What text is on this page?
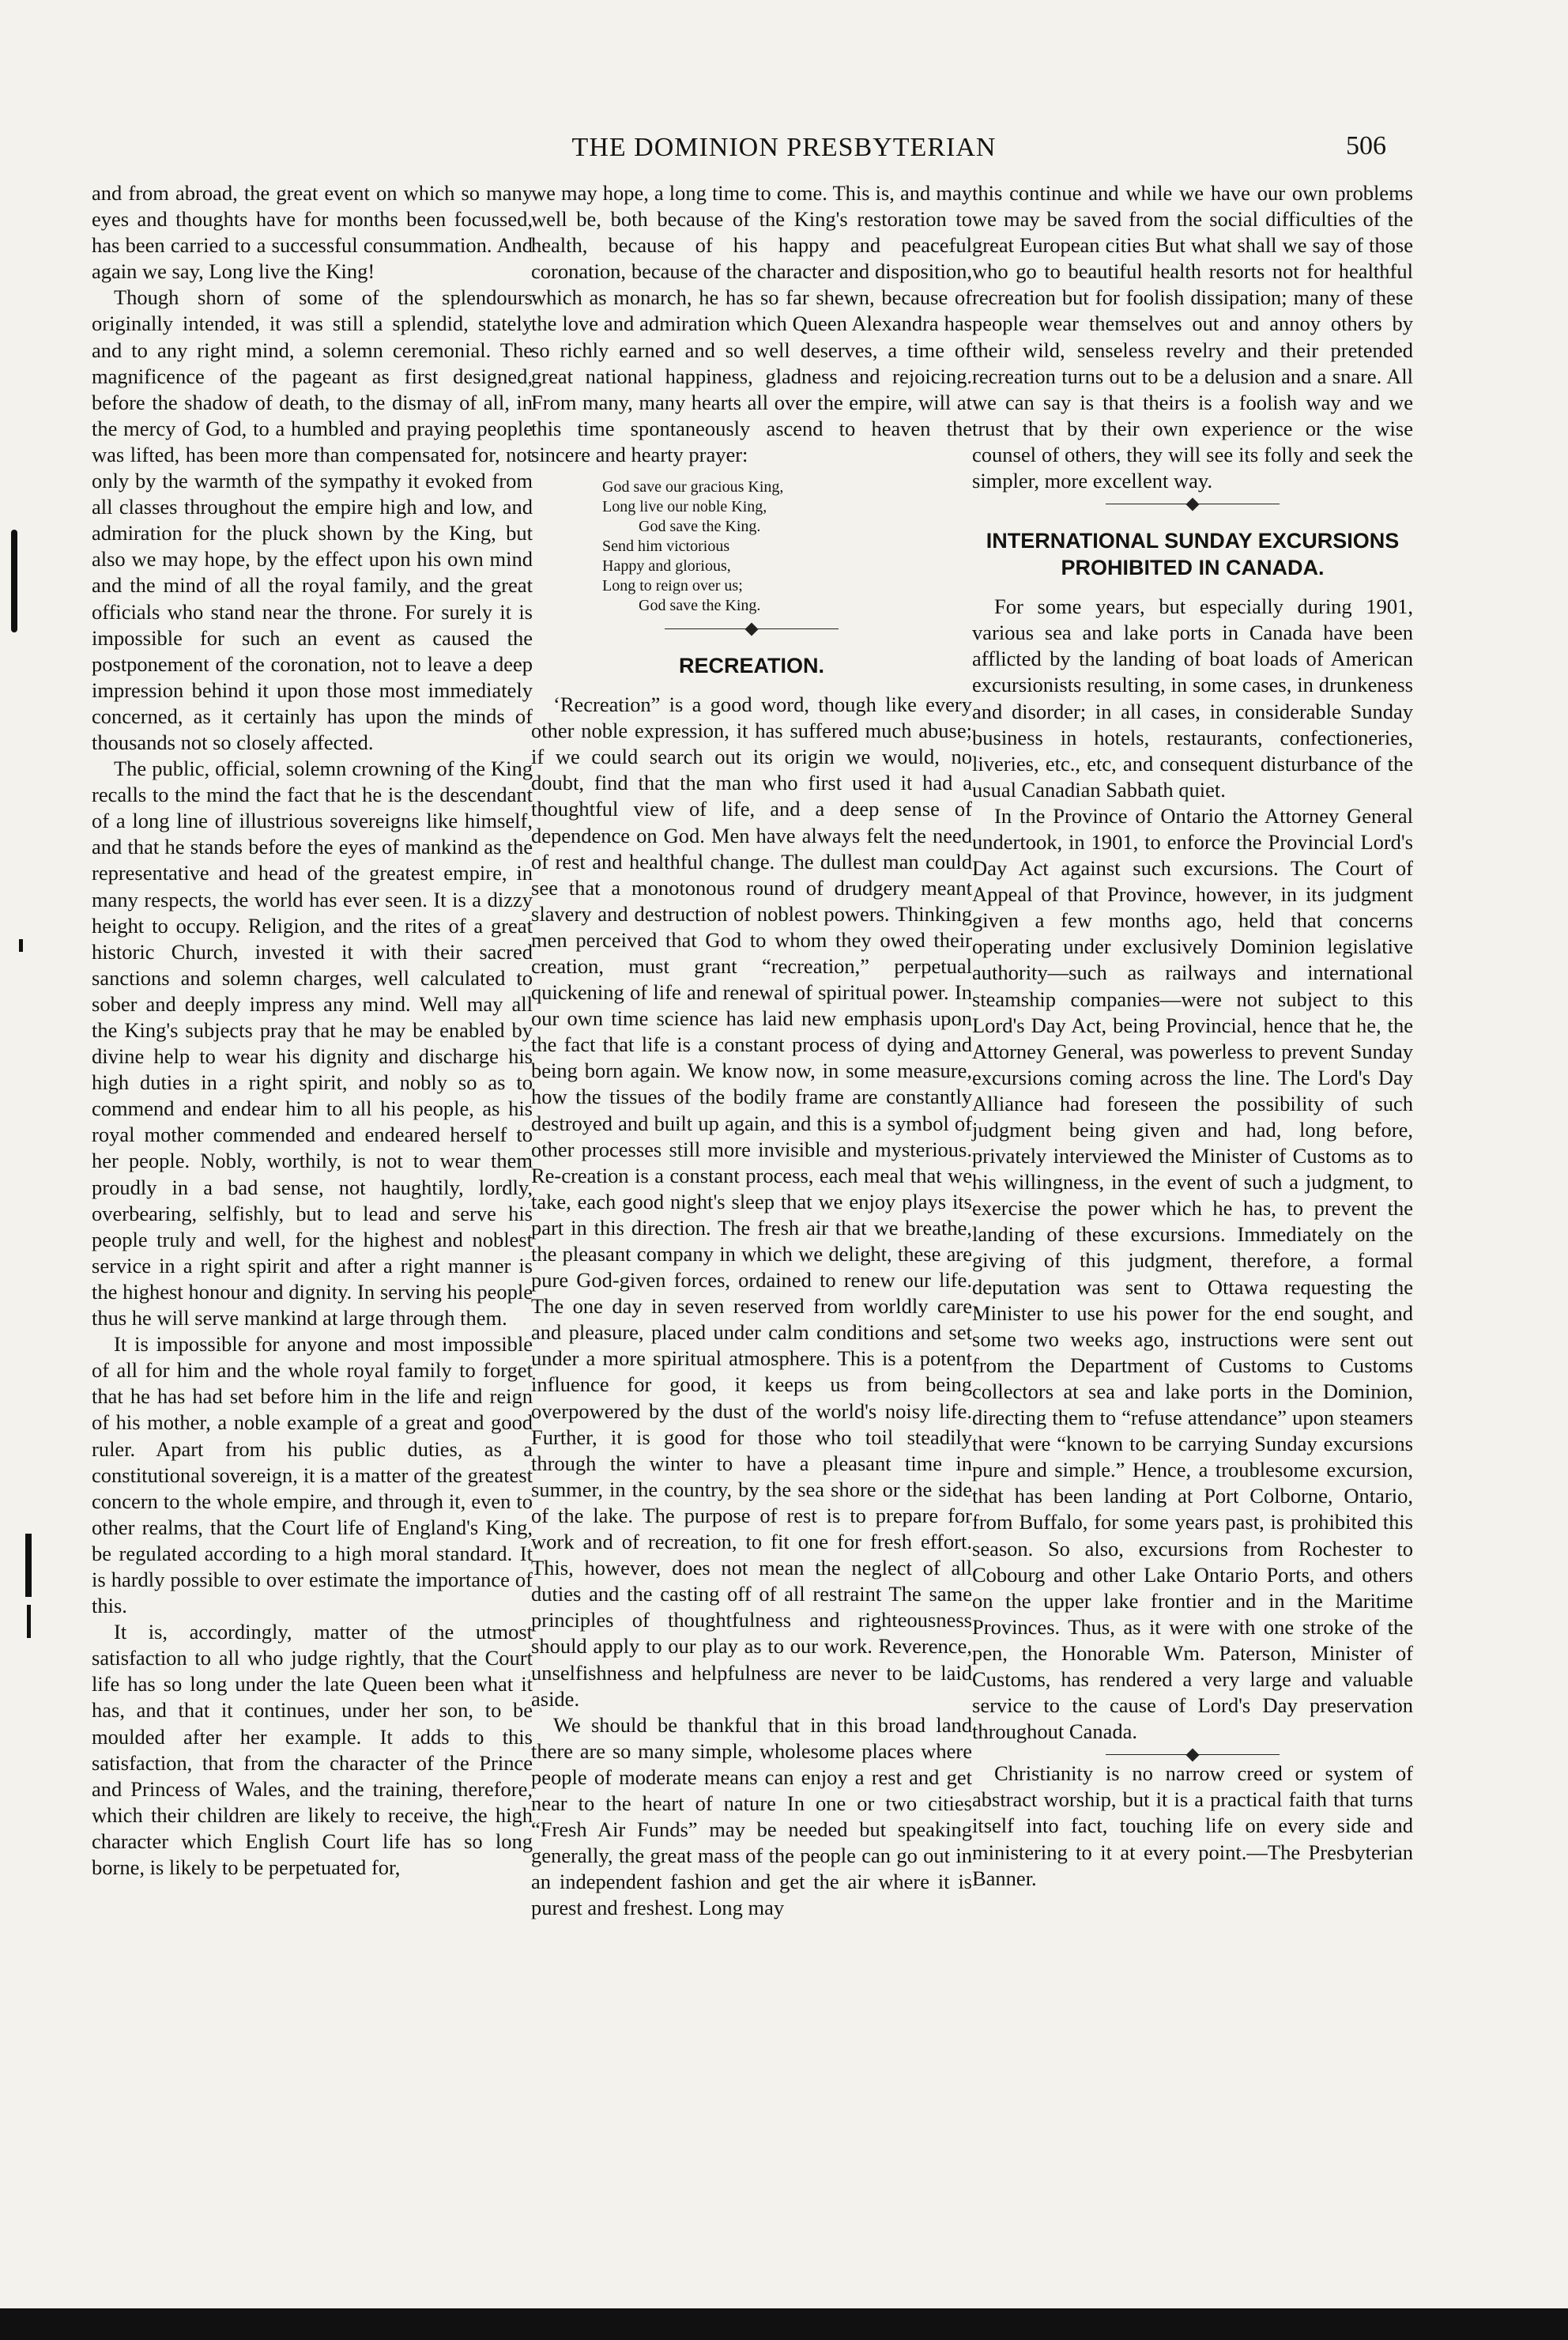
THE DOMINION PRESBYTERIAN	506

and from abroad, the great event on which so many eyes and thoughts have for months been focussed, has been carried to a successful consummation. And again we say, Long live the King!

Though shorn of some of the splendours originally intended, it was still a splendid, stately and to any right mind, a solemn ceremonial. The magnificence of the pageant as first designed, before the shadow of death, to the dismay of all, in the mercy of God, to a humbled and praying people was lifted, has been more than compensated for, not only by the warmth of the sympathy it evoked from all classes throughout the empire high and low, and admiration for the pluck shown by the King, but also we may hope, by the effect upon his own mind and the mind of all the royal family, and the great officials who stand near the throne. For surely it is impossible for such an event as caused the postponement of the coronation, not to leave a deep impression behind it upon those most immediately concerned, as it certainly has upon the minds of thousands not so closely affected.

The public, official, solemn crowning of the King recalls to the mind the fact that he is the descendant of a long line of illustrious sovereigns like himself, and that he stands before the eyes of mankind as the representative and head of the greatest empire, in many respects, the world has ever seen. It is a dizzy height to occupy. Religion, and the rites of a great historic Church, invested it with their sacred sanctions and solemn charges, well calculated to sober and deeply impress any mind. Well may all the King's subjects pray that he may be enabled by divine help to wear his dignity and discharge his high duties in a right spirit, and nobly so as to commend and endear him to all his people, as his royal mother commended and endeared herself to her people. Nobly, worthily, is not to wear them proudly in a bad sense, not haughtily, lordly, overbearing, selfishly, but to lead and serve his people truly and well, for the highest and noblest service in a right spirit and after a right manner is the highest honour and dignity. In serving his people thus he will serve mankind at large through them.

It is impossible for anyone and most impossible of all for him and the whole royal family to forget that he has had set before him in the life and reign of his mother, a noble example of a great and good ruler. Apart from his public duties, as a constitutional sovereign, it is a matter of the greatest concern to the whole empire, and through it, even to other realms, that the Court life of England's King, be regulated according to a high moral standard. It is hardly possible to over estimate the importance of this.

It is, accordingly, matter of the utmost satisfaction to all who judge rightly, that the Court life has so long under the late Queen been what it has, and that it continues, under her son, to be moulded after her example. It adds to this satisfaction, that from the character of the Prince and Princess of Wales, and the training, therefore, which their children are likely to receive, the high character which English Court life has so long borne, is likely to be perpetuated for,

we may hope, a long time to come. This is, and may well be, both because of the King's restoration to health, because of his happy and peaceful coronation, because of the character and disposition, which as monarch, he has so far shewn, because of the love and admiration which Queen Alexandra has so richly earned and so well deserves, a time of great national happiness, gladness and rejoicing. From many, many hearts all over the empire, will at this time spontaneously ascend to heaven the sincere and hearty prayer:

God save our gracious King,
Long live our noble King,
God save the King.
Send him victorious
Happy and glorious,
Long to reign over us;
God save the King.
RECREATION.

‘Recreation” is a good word, though like every other noble expression, it has suffered much abuse; if we could search out its origin we would, no doubt, find that the man who first used it had a thoughtful view of life, and a deep sense of dependence on God. Men have always felt the need of rest and healthful change. The dullest man could see that a monotonous round of drudgery meant slavery and destruction of noblest powers. Thinking men perceived that God to whom they owed their creation, must grant “recreation,” perpetual quickening of life and renewal of spiritual power. In our own time science has laid new emphasis upon the fact that life is a constant process of dying and being born again. We know now, in some measure, how the tissues of the bodily frame are constantly destroyed and built up again, and this is a symbol of other processes still more invisible and mysterious. Re-creation is a constant process, each meal that we take, each good night's sleep that we enjoy plays its part in this direction. The fresh air that we breathe, the pleasant company in which we delight, these are pure God-given forces, ordained to renew our life. The one day in seven reserved from worldly care and pleasure, placed under calm conditions and set under a more spiritual atmosphere. This is a potent influence for good, it keeps us from being overpowered by the dust of the world's noisy life. Further, it is good for those who toil steadily through the winter to have a pleasant time in summer, in the country, by the sea shore or the side of the lake. The purpose of rest is to prepare for work and of recreation, to fit one for fresh effort. This, however, does not mean the neglect of all duties and the casting off of all restraint The same principles of thoughtfulness and righteousness should apply to our play as to our work. Reverence, unselfishness and helpfulness are never to be laid aside.

We should be thankful that in this broad land there are so many simple, wholesome places where people of moderate means can enjoy a rest and get near to the heart of nature In one or two cities “Fresh Air Funds” may be needed but speaking generally, the great mass of the people can go out in an independent fashion and get the air where it is purest and freshest. Long may

this continue and while we have our own problems we may be saved from the social difficulties of the great European cities But what shall we say of those who go to beautiful health resorts not for healthful recreation but for foolish dissipation; many of these people wear themselves out and annoy others by their wild, senseless revelry and their pretended recreation turns out to be a delusion and a snare. All we can say is that theirs is a foolish way and we trust that by their own experience or the wise counsel of others, they will see its folly and seek the simpler, more excellent way.

INTERNATIONAL SUNDAY EXCURSIONS PROHIBITED IN CANADA.

For some years, but especially during 1901, various sea and lake ports in Canada have been afflicted by the landing of boat loads of American excursionists resulting, in some cases, in drunkeness and disorder; in all cases, in considerable Sunday business in hotels, restaurants, confectioneries, liveries, etc., etc, and consequent disturbance of the usual Canadian Sabbath quiet.

In the Province of Ontario the Attorney General undertook, in 1901, to enforce the Provincial Lord's Day Act against such excursions. The Court of Appeal of that Province, however, in its judgment given a few months ago, held that concerns operating under exclusively Dominion legislative authority—such as railways and international steamship companies—were not subject to this Lord's Day Act, being Provincial, hence that he, the Attorney General, was powerless to prevent Sunday excursions coming across the line. The Lord's Day Alliance had foreseen the possibility of such judgment being given and had, long before, privately interviewed the Minister of Customs as to his willingness, in the event of such a judgment, to exercise the power which he has, to prevent the landing of these excursions. Immediately on the giving of this judgment, therefore, a formal deputation was sent to Ottawa requesting the Minister to use his power for the end sought, and some two weeks ago, instructions were sent out from the Department of Customs to Customs collectors at sea and lake ports in the Dominion, directing them to “refuse attendance” upon steamers that were “known to be carrying Sunday excursions pure and simple.” Hence, a troublesome excursion, that has been landing at Port Colborne, Ontario, from Buffalo, for some years past, is prohibited this season. So also, excursions from Rochester to Cobourg and other Lake Ontario Ports, and others on the upper lake frontier and in the Maritime Provinces. Thus, as it were with one stroke of the pen, the Honorable Wm. Paterson, Minister of Customs, has rendered a very large and valuable service to the cause of Lord's Day preservation throughout Canada.

Christianity is no narrow creed or system of abstract worship, but it is a practical faith that turns itself into fact, touching life on every side and ministering to it at every point.—The Presbyterian Banner.
